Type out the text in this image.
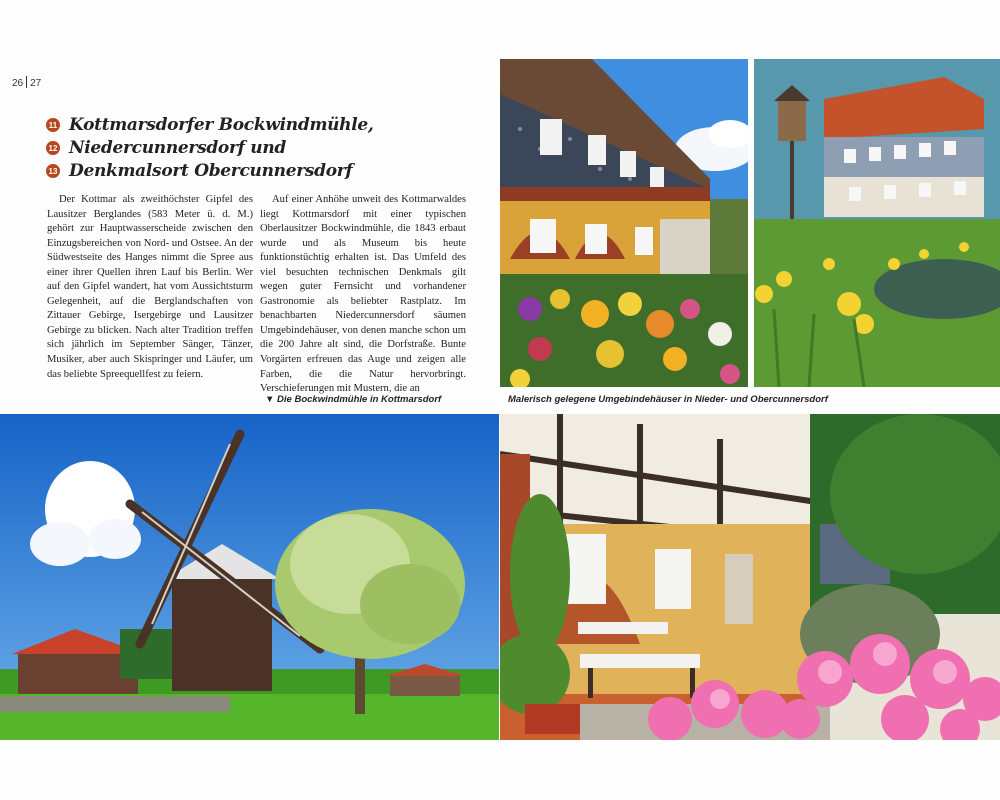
26 27
11 Kottmarsdorfer Bockwindmühle,
12 Niedercunnersdorf und
13 Denkmalsort Obercunnersdorf

Der Kottmar als zweithöchster Gipfel des Lausitzer Berglandes (583 Meter ü. d. M.) gehört zur Hauptwasserscheide zwischen den Einzugsbereichen von Nord- und Ostsee. An der Südwestseite des Hanges nimmt die Spree aus einer ihrer Quellen ihren Lauf bis Berlin. Wer auf den Gipfel wandert, hat vom Aussichtsturm Gelegenheit, auf die Berglandschaften von Zittauer Gebirge, Isergebirge und Lausitzer Gebirge zu blicken. Nach alter Tradition treffen sich jährlich im September Sänger, Tänzer, Musiker, aber auch Skispringer und Läufer, um das beliebte Spreequellfest zu feiern.

Auf einer Anhöhe unweit des Kottmarwaldes liegt Kottmarsdorf mit einer typischen Oberlausitzer Bockwindmühle, die 1843 erbaut wurde und als Museum bis heute funktionstüchtig erhalten ist. Das Umfeld des viel besuchten technischen Denkmals gilt wegen guter Fernsicht und vorhandener Gastronomie als beliebter Rastplatz. Im benachbarten Niedercunnersdorf säumen Umgebindehäuser, von denen manche schon um die 200 Jahre alt sind, die Dorfstraße. Bunte Vorgärten erfreuen das Auge und zeigen alle Farben, die die Natur hervorbringt. Verschieferungen mit Mustern, die an

▼ Die Bockwindmühle in Kottmarsdorf	Malerisch gelegene Umgebindehäuser in Nieder- und Obercunnersdorf
